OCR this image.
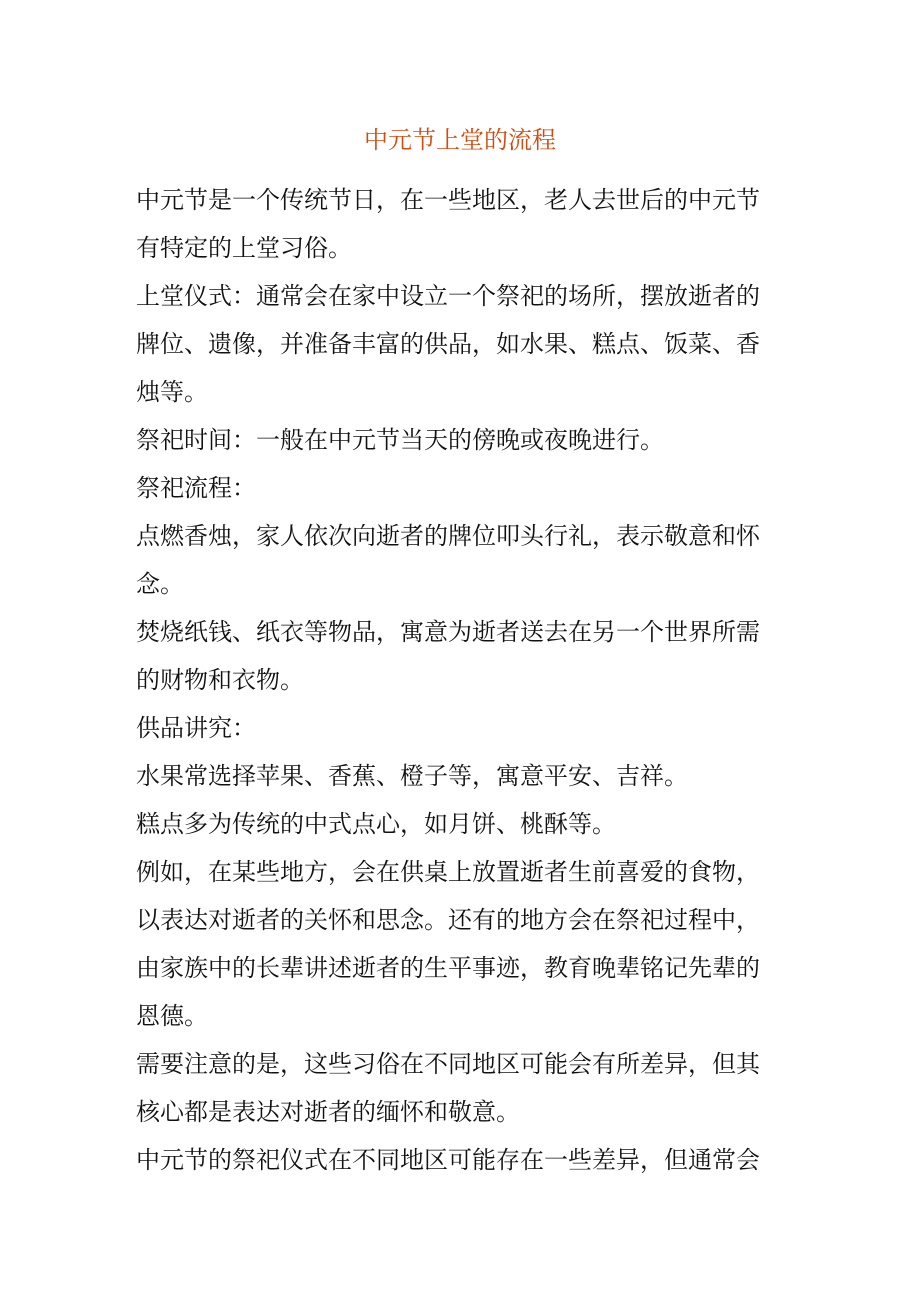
中元节上堂的流程

中元节是一个传统节日，在一些地区，老人去世后的中元节
有特定的上堂习俗。

上堂仪式：通常会在家中设立一个祭祀的场所，摆放逝者的
牌位、遗像，并准备丰富的供品，如水果、糕点、饭菜、香
烛等。

祭祀时间：一般在中元节当天的傍晚或夜晚进行。

祭祀流程：

点燃香烛，家人依次向逝者的牌位叩头行礼，表示敬意和怀
念。

焚烧纸钱、纸衣等物品，寓意为逝者送去在另一个世界所需
的财物和衣物。

供品讲究：

水果常选择苹果、香蕉、橙子等，寓意平安、吉祥。

糕点多为传统的中式点心，如月饼、桃酥等。

例如，在某些地方，会在供桌上放置逝者生前喜爱的食物，
以表达对逝者的关怀和思念。还有的地方会在祭祀过程中，
由家族中的长辈讲述逝者的生平事迹，教育晚辈铭记先辈的
恩德。

需要注意的是，这些习俗在不同地区可能会有所差异，但其
核心都是表达对逝者的缅怀和敬意。

中元节的祭祀仪式在不同地区可能存在一些差异，但通常会
